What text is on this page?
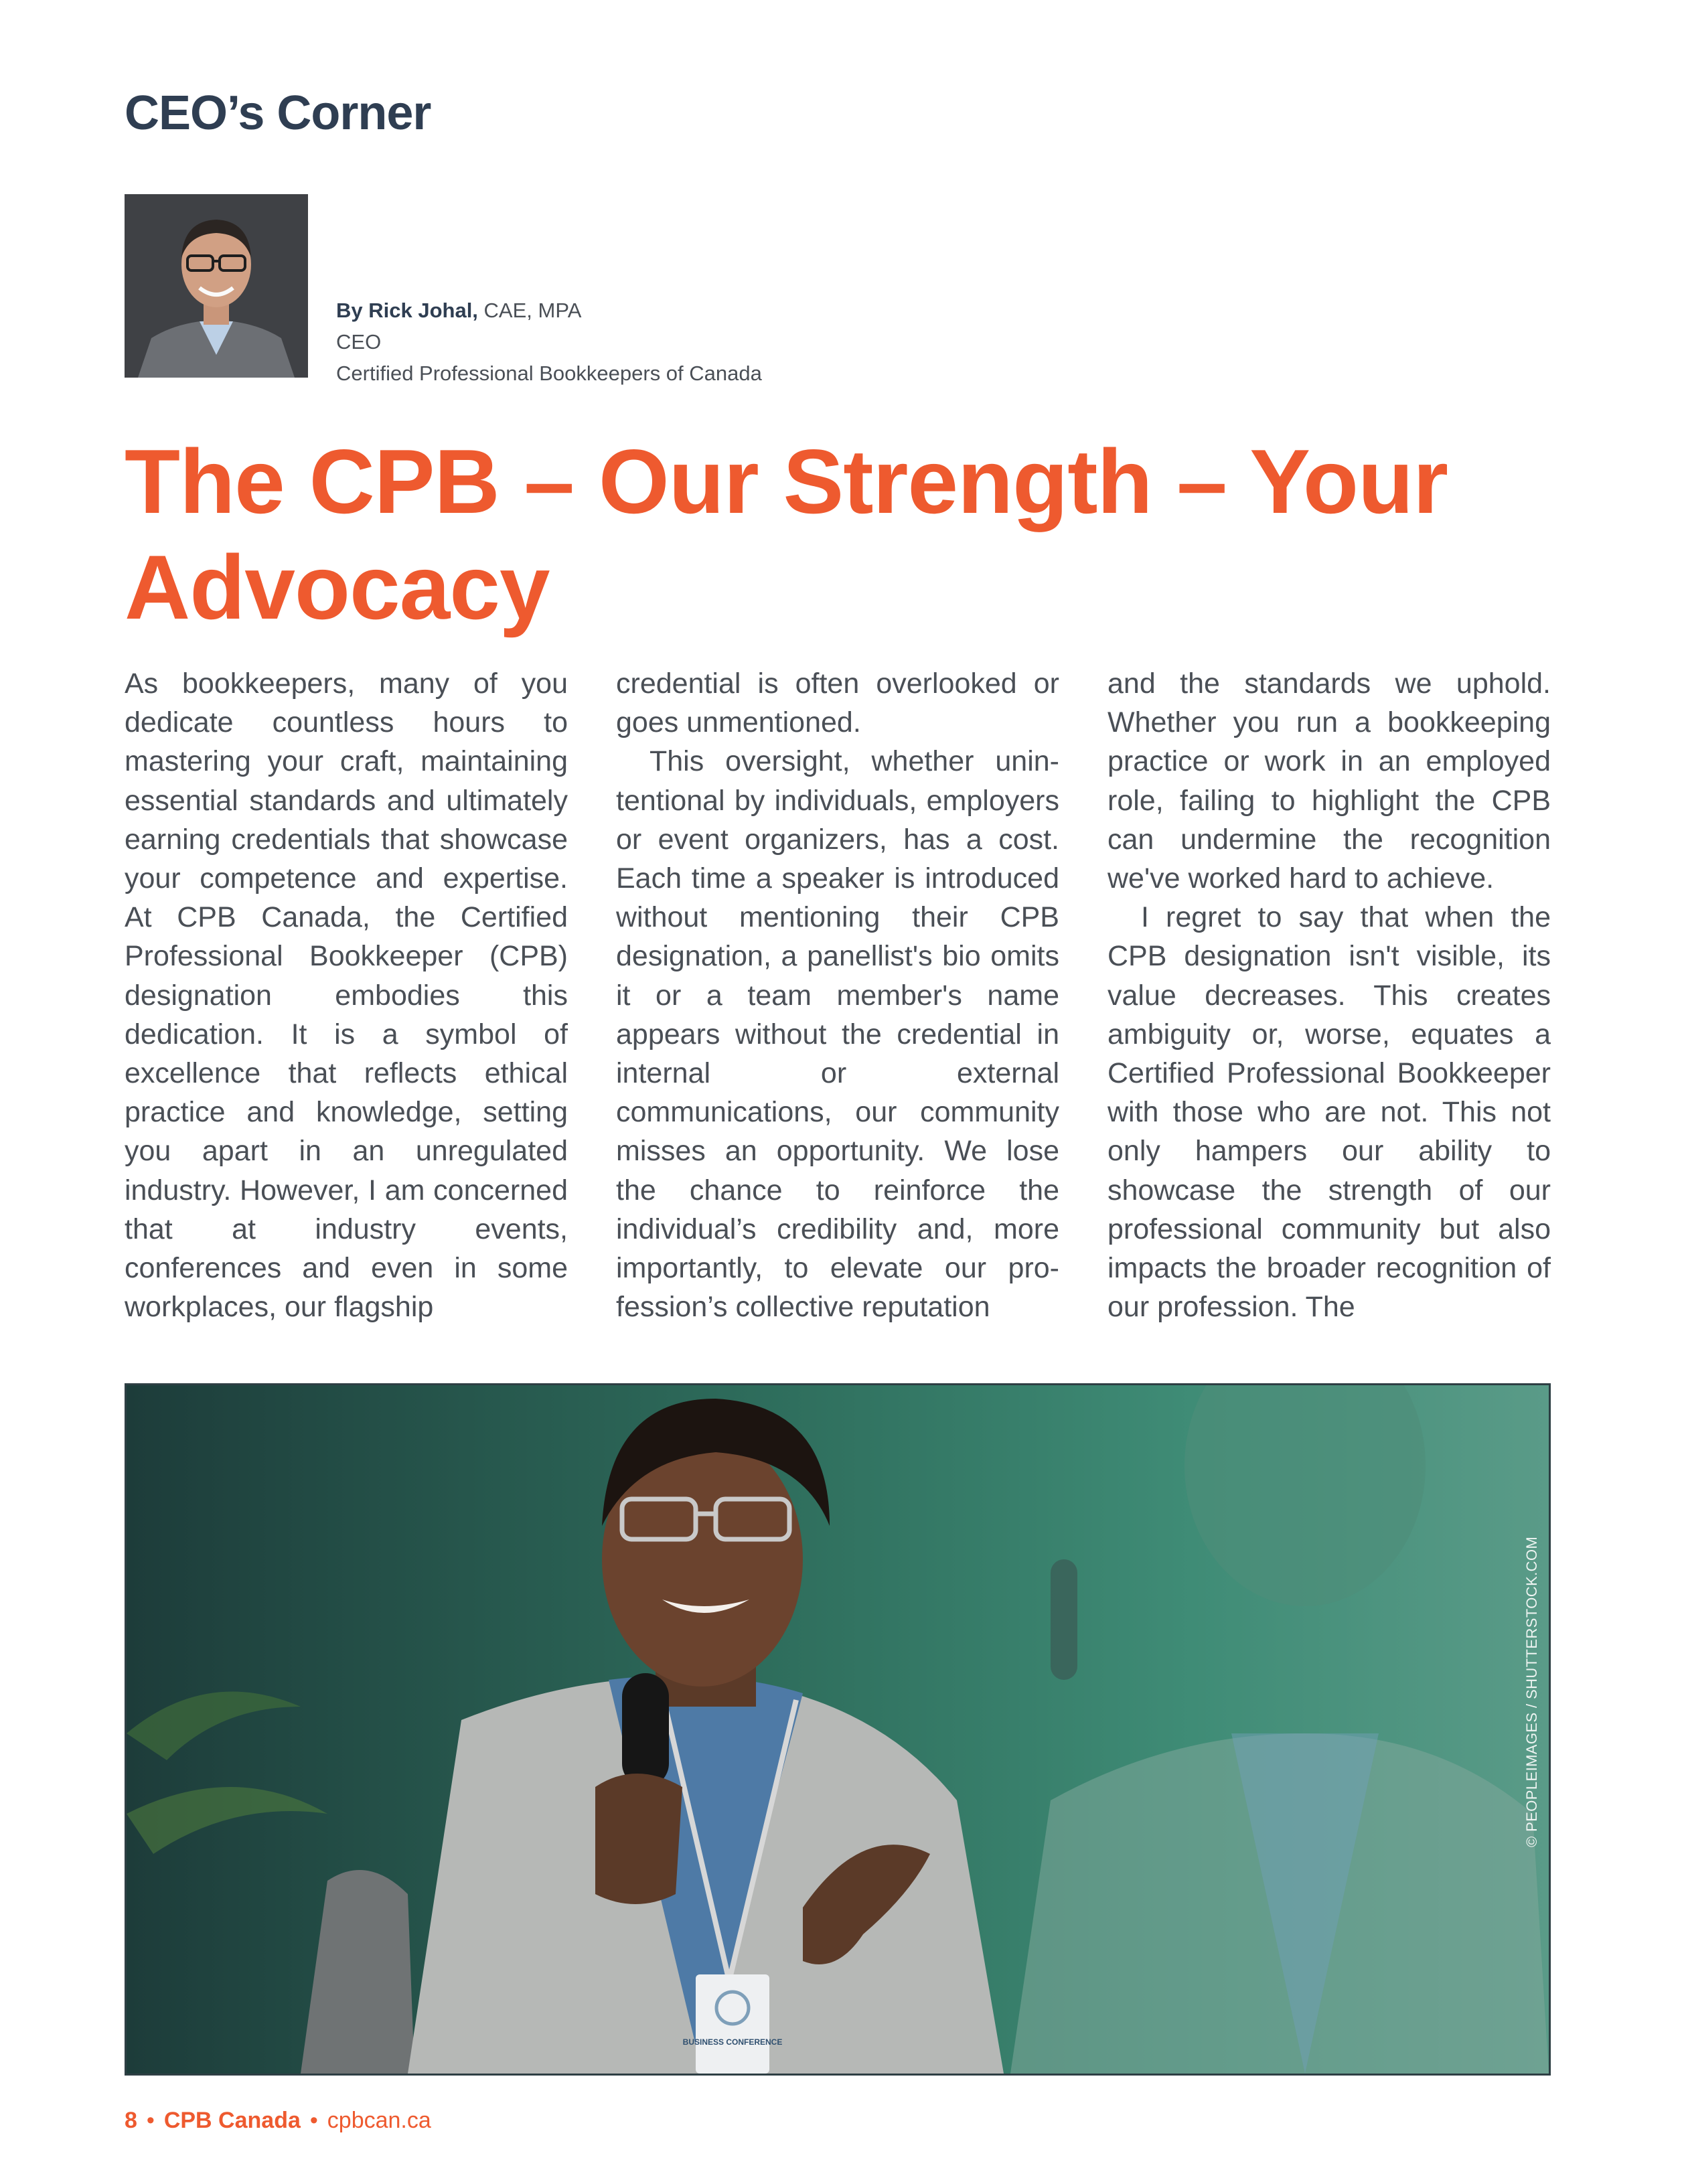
CEO’s Corner
By Rick Johal, CAE, MPA
CEO
Certified Professional Bookkeepers of Canada
The CPB – Our Strength – Your
Advocacy

As bookkeepers, many of you dedicate countless hours to mastering your craft, maintaining essential standards and ultimately earning credentials that showcase your competence and expertise. At CPB Canada, the Certified Professional Bookkeeper (CPB) designation embodies this dedication. It is a symbol of excellence that reflects ethical practice and knowledge, setting you apart in an unregulated industry. However, I am concerned that at industry events, conferences and even in some workplaces, our flagship

credential is often overlooked or goes unmentioned.

This oversight, whether unintentional by individuals, employers or event organizers, has a cost. Each time a speaker is introduced without mentioning their CPB designation, a panellist's bio omits it or a team member's name appears without the credential in internal or external communications, our community misses an opportunity. We lose the chance to reinforce the individual’s credibility and, more importantly, to elevate our profession’s collective reputation

and the standards we uphold. Whether you run a bookkeeping practice or work in an employed role, failing to highlight the CPB can undermine the recognition we've worked hard to achieve.

I regret to say that when the CPB designation isn't visible, its value decreases. This creates ambiguity or, worse, equates a Certified Professional Bookkeeper with those who are not. This not only hampers our ability to showcase the strength of our professional community but also impacts the broader recognition of our profession. The

BUSINESS CONFERENCE
© PEOPLEIMAGES / SHUTTERSTOCK.COM
8 • CPB Canada • cpbcan.ca
